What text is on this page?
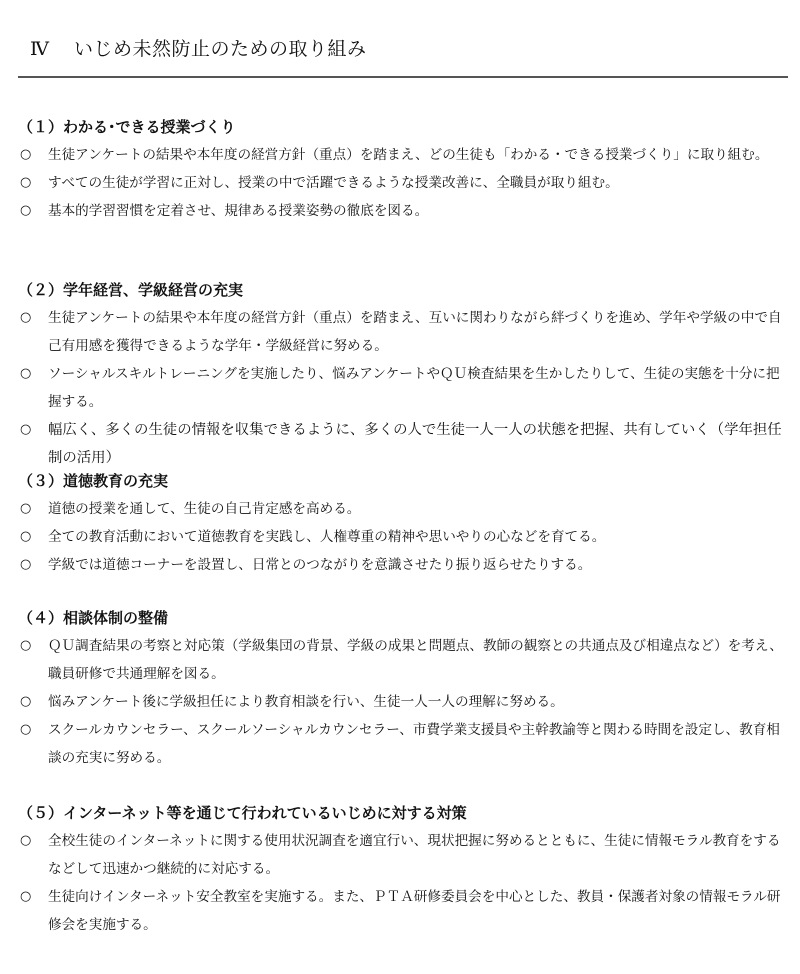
Ⅳ いじめ未然防止のための取り組み
（１）わかる･できる授業づくり
○ 生徒アンケートの結果や本年度の経営方針（重点）を踏まえ、どの生徒も「わかる・できる授業づくり」に取り組む。
○ すべての生徒が学習に正対し、授業の中で活躍できるような授業改善に、全職員が取り組む。
○ 基本的学習習慣を定着させ、規律ある授業姿勢の徹底を図る。
（２）学年経営、学級経営の充実
○ 生徒アンケートの結果や本年度の経営方針（重点）を踏まえ、互いに関わりながら絆づくりを進め、学年や学級の中で自己有用感を獲得できるような学年・学級経営に努める。
○ ソーシャルスキルトレーニングを実施したり、悩みアンケートやＱＵ検査結果を生かしたりして、生徒の実態を十分に把握する。
○ 幅広く、多くの生徒の情報を収集できるように、多くの人で生徒一人一人の状態を把握、共有していく（学年担任制の活用）
（３）道徳教育の充実
○ 道徳の授業を通して、生徒の自己肯定感を高める。
○ 全ての教育活動において道徳教育を実践し、人権尊重の精神や思いやりの心などを育てる。
○ 学級では道徳コーナーを設置し、日常とのつながりを意識させたり振り返らせたりする。
（４）相談体制の整備
○ ＱＵ調査結果の考察と対応策（学級集団の背景、学級の成果と問題点、教師の観察との共通点及び相違点など）を考え、職員研修で共通理解を図る。
○ 悩みアンケート後に学級担任により教育相談を行い、生徒一人一人の理解に努める。
○ スクールカウンセラー、スクールソーシャルカウンセラー、市費学業支援員や主幹教諭等と関わる時間を設定し、教育相談の充実に努める。
（５）インターネット等を通じて行われているいじめに対する対策
○ 全校生徒のインターネットに関する使用状況調査を適宜行い、現状把握に努めるとともに、生徒に情報モラル教育をするなどして迅速かつ継続的に対応する。
○ 生徒向けインターネット安全教室を実施する。また、ＰＴＡ研修委員会を中心とした、教員・保護者対象の情報モラル研修会を実施する。
